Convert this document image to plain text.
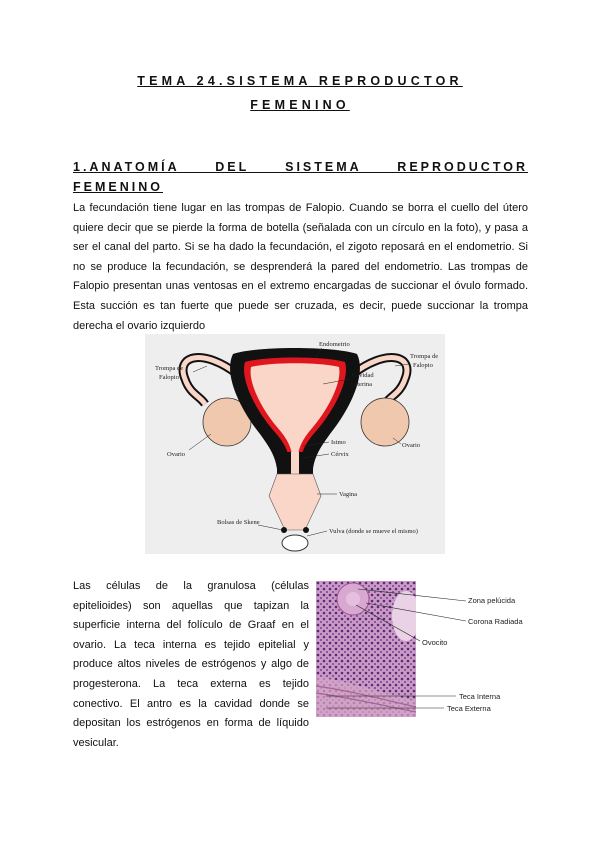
TEMA 24.SISTEMA REPRODUCTOR
FEMENINO
1.ANATOMÍA DEL SISTEMA REPRODUCTOR
FEMENINO

La fecundación tiene lugar en las trompas de Falopio. Cuando se borra el cuello del útero quiere decir que se pierde la forma de botella (señalada con un círculo en la foto), y pasa a ser el canal del parto. Si se ha dado la fecundación, el zigoto reposará en el endometrio. Si no se produce la fecundación, se desprenderá la pared del endometrio. Las trompas de Falopio presentan unas ventosas en el extremo encargadas de succionar el óvulo formado. Esta succión es tan fuerte que puede ser cruzada, es decir, puede succionar la trompa derecha el ovario izquierdo

Endometrio
Trompa de
Falopio
Trompa de
Falopio
Cavidad
uterina
Ovario
Ovario
Istmo
Cérvix
Vagina
Bolsas de Skene
Vulva (donde se mueve el mismo)

Las células de la granulosa (células epitelioides) son aquellas que tapizan la superficie interna del folículo de Graaf en el ovario. La teca interna es tejido epitelial y produce altos niveles de estrógenos y algo de progesterona. La teca externa es tejido conectivo. El antro es la cavidad donde se depositan los estrógenos en forma de líquido vesicular.

Zona pelúcida
Corona Radiada
Ovocito
Teca Interna
Teca Externa
